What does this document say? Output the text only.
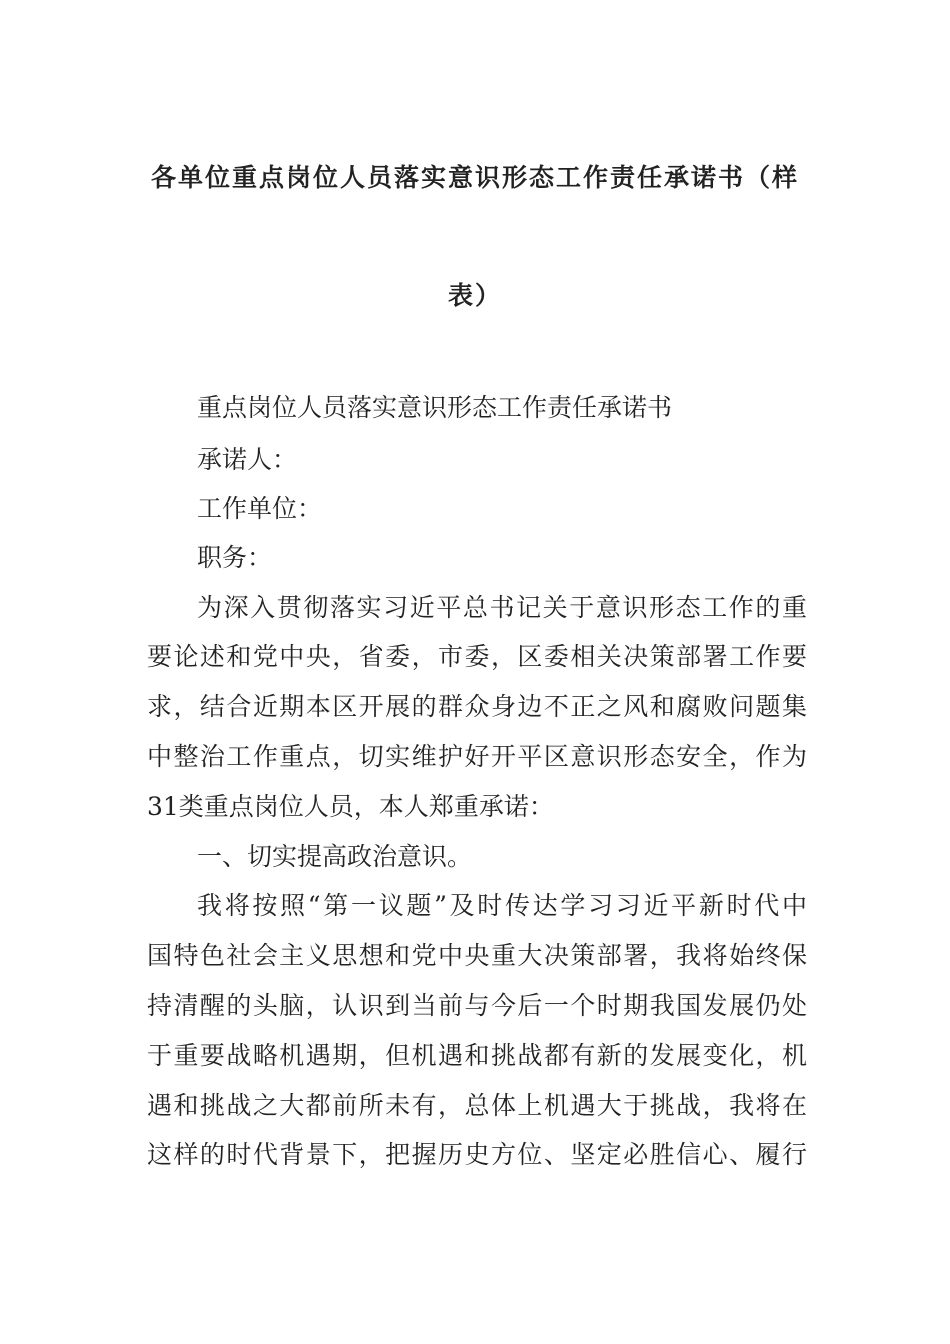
各单位重点岗位人员落实意识形态工作责任承诺书（样
表）
重点岗位人员落实意识形态工作责任承诺书
承诺人：
工作单位：
职务：
为深入贯彻落实习近平总书记关于意识形态工作的重
要论述和党中央，省委，市委，区委相关决策部署工作要
求，结合近期本区开展的群众身边不正之风和腐败问题集
中整治工作重点，切实维护好开平区意识形态安全，作为
31类重点岗位人员，本人郑重承诺：
一、切实提高政治意识。
我将按照“第一议题”及时传达学习习近平新时代中
国特色社会主义思想和党中央重大决策部署，我将始终保
持清醒的头脑，认识到当前与今后一个时期我国发展仍处
于重要战略机遇期，但机遇和挑战都有新的发展变化，机
遇和挑战之大都前所未有，总体上机遇大于挑战，我将在
这样的时代背景下，把握历史方位、坚定必胜信心、履行
